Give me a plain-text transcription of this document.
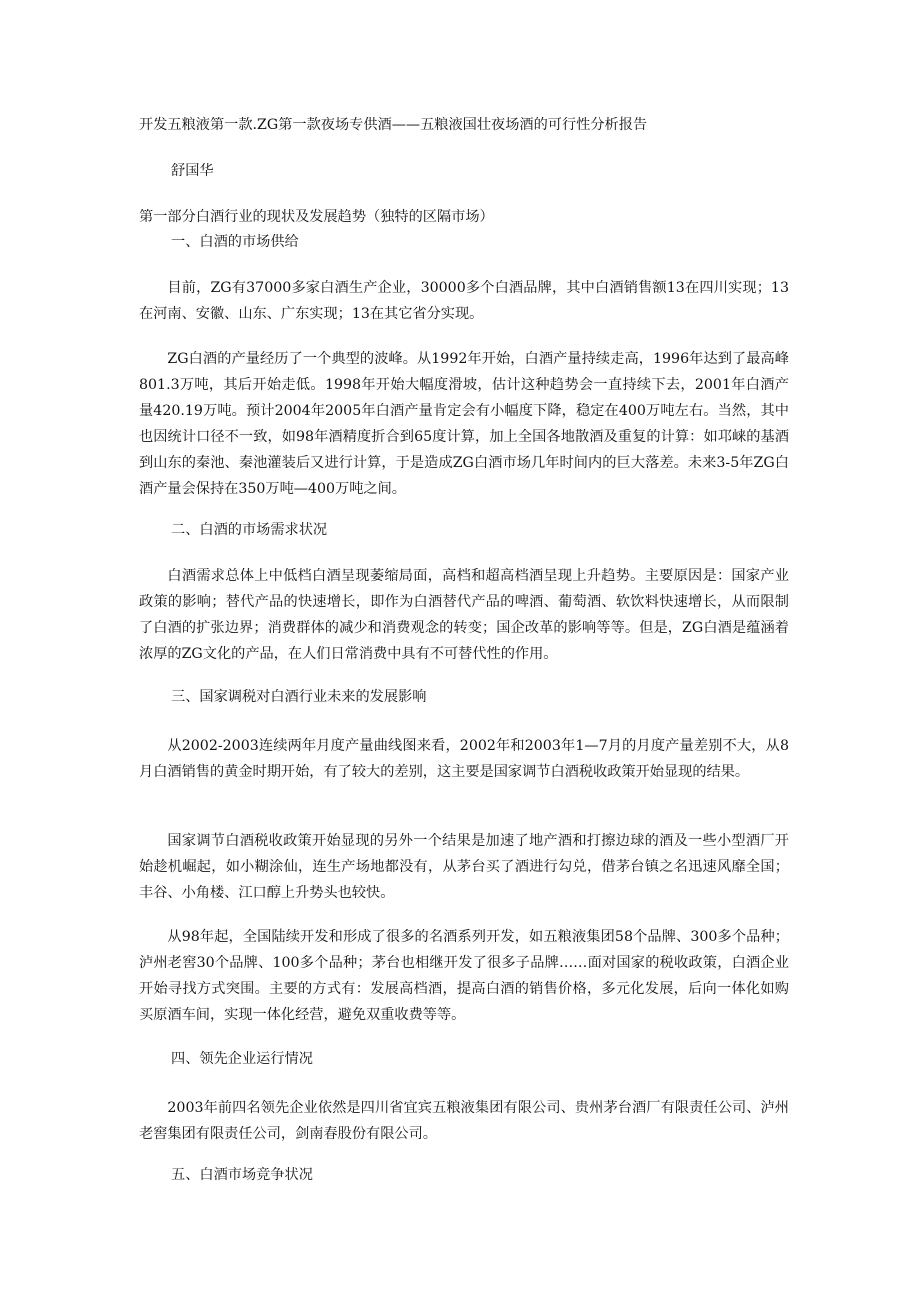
开发五粮液第一款.ZG第一款夜场专供酒——五粮液国壮夜场酒的可行性分析报告

舒国华

第一部分白酒行业的现状及发展趋势（独特的区隔市场）

一、白酒的市场供给

目前，ZG有37000多家白酒生产企业，30000多个白酒品牌，其中白酒销售额13在四川实现；13在河南、安徽、山东、广东实现；13在其它省分实现。

ZG白酒的产量经历了一个典型的波峰。从1992年开始，白酒产量持续走高，1996年达到了最高峰801.3万吨，其后开始走低。1998年开始大幅度滑坡，估计这种趋势会一直持续下去，2001年白酒产量420.19万吨。预计2004年2005年白酒产量肯定会有小幅度下降，稳定在400万吨左右。当然，其中也因统计口径不一致，如98年酒精度折合到65度计算，加上全国各地散酒及重复的计算：如邛崃的基酒到山东的秦池、秦池灌装后又进行计算，于是造成ZG白酒市场几年时间内的巨大落差。未来3-5年ZG白酒产量会保持在350万吨—400万吨之间。

二、白酒的市场需求状况

白酒需求总体上中低档白酒呈现萎缩局面，高档和超高档酒呈现上升趋势。主要原因是：国家产业政策的影响；替代产品的快速增长，即作为白酒替代产品的啤酒、葡萄酒、软饮料快速增长，从而限制了白酒的扩张边界；消费群体的减少和消费观念的转变；国企改革的影响等等。但是，ZG白酒是蕴涵着浓厚的ZG文化的产品，在人们日常消费中具有不可替代性的作用。

三、国家调税对白酒行业未来的发展影响

从2002-2003连续两年月度产量曲线图来看，2002年和2003年1—7月的月度产量差别不大，从8月白酒销售的黄金时期开始，有了较大的差别，这主要是国家调节白酒税收政策开始显现的结果。

国家调节白酒税收政策开始显现的另外一个结果是加速了地产酒和打擦边球的酒及一些小型酒厂开始趁机崛起，如小糊涂仙，连生产场地都没有，从茅台买了酒进行勾兑，借茅台镇之名迅速风靡全国；丰谷、小角楼、江口醇上升势头也较快。

从98年起，全国陆续开发和形成了很多的名酒系列开发，如五粮液集团58个品牌、300多个品种；泸州老窖30个品牌、100多个品种；茅台也相继开发了很多子品牌……面对国家的税收政策，白酒企业开始寻找方式突围。主要的方式有：发展高档酒，提高白酒的销售价格，多元化发展，后向一体化如购买原酒车间，实现一体化经营，避免双重收费等等。

四、领先企业运行情况

2003年前四名领先企业依然是四川省宜宾五粮液集团有限公司、贵州茅台酒厂有限责任公司、泸州老窖集团有限责任公司，剑南春股份有限公司。

五、白酒市场竞争状况
